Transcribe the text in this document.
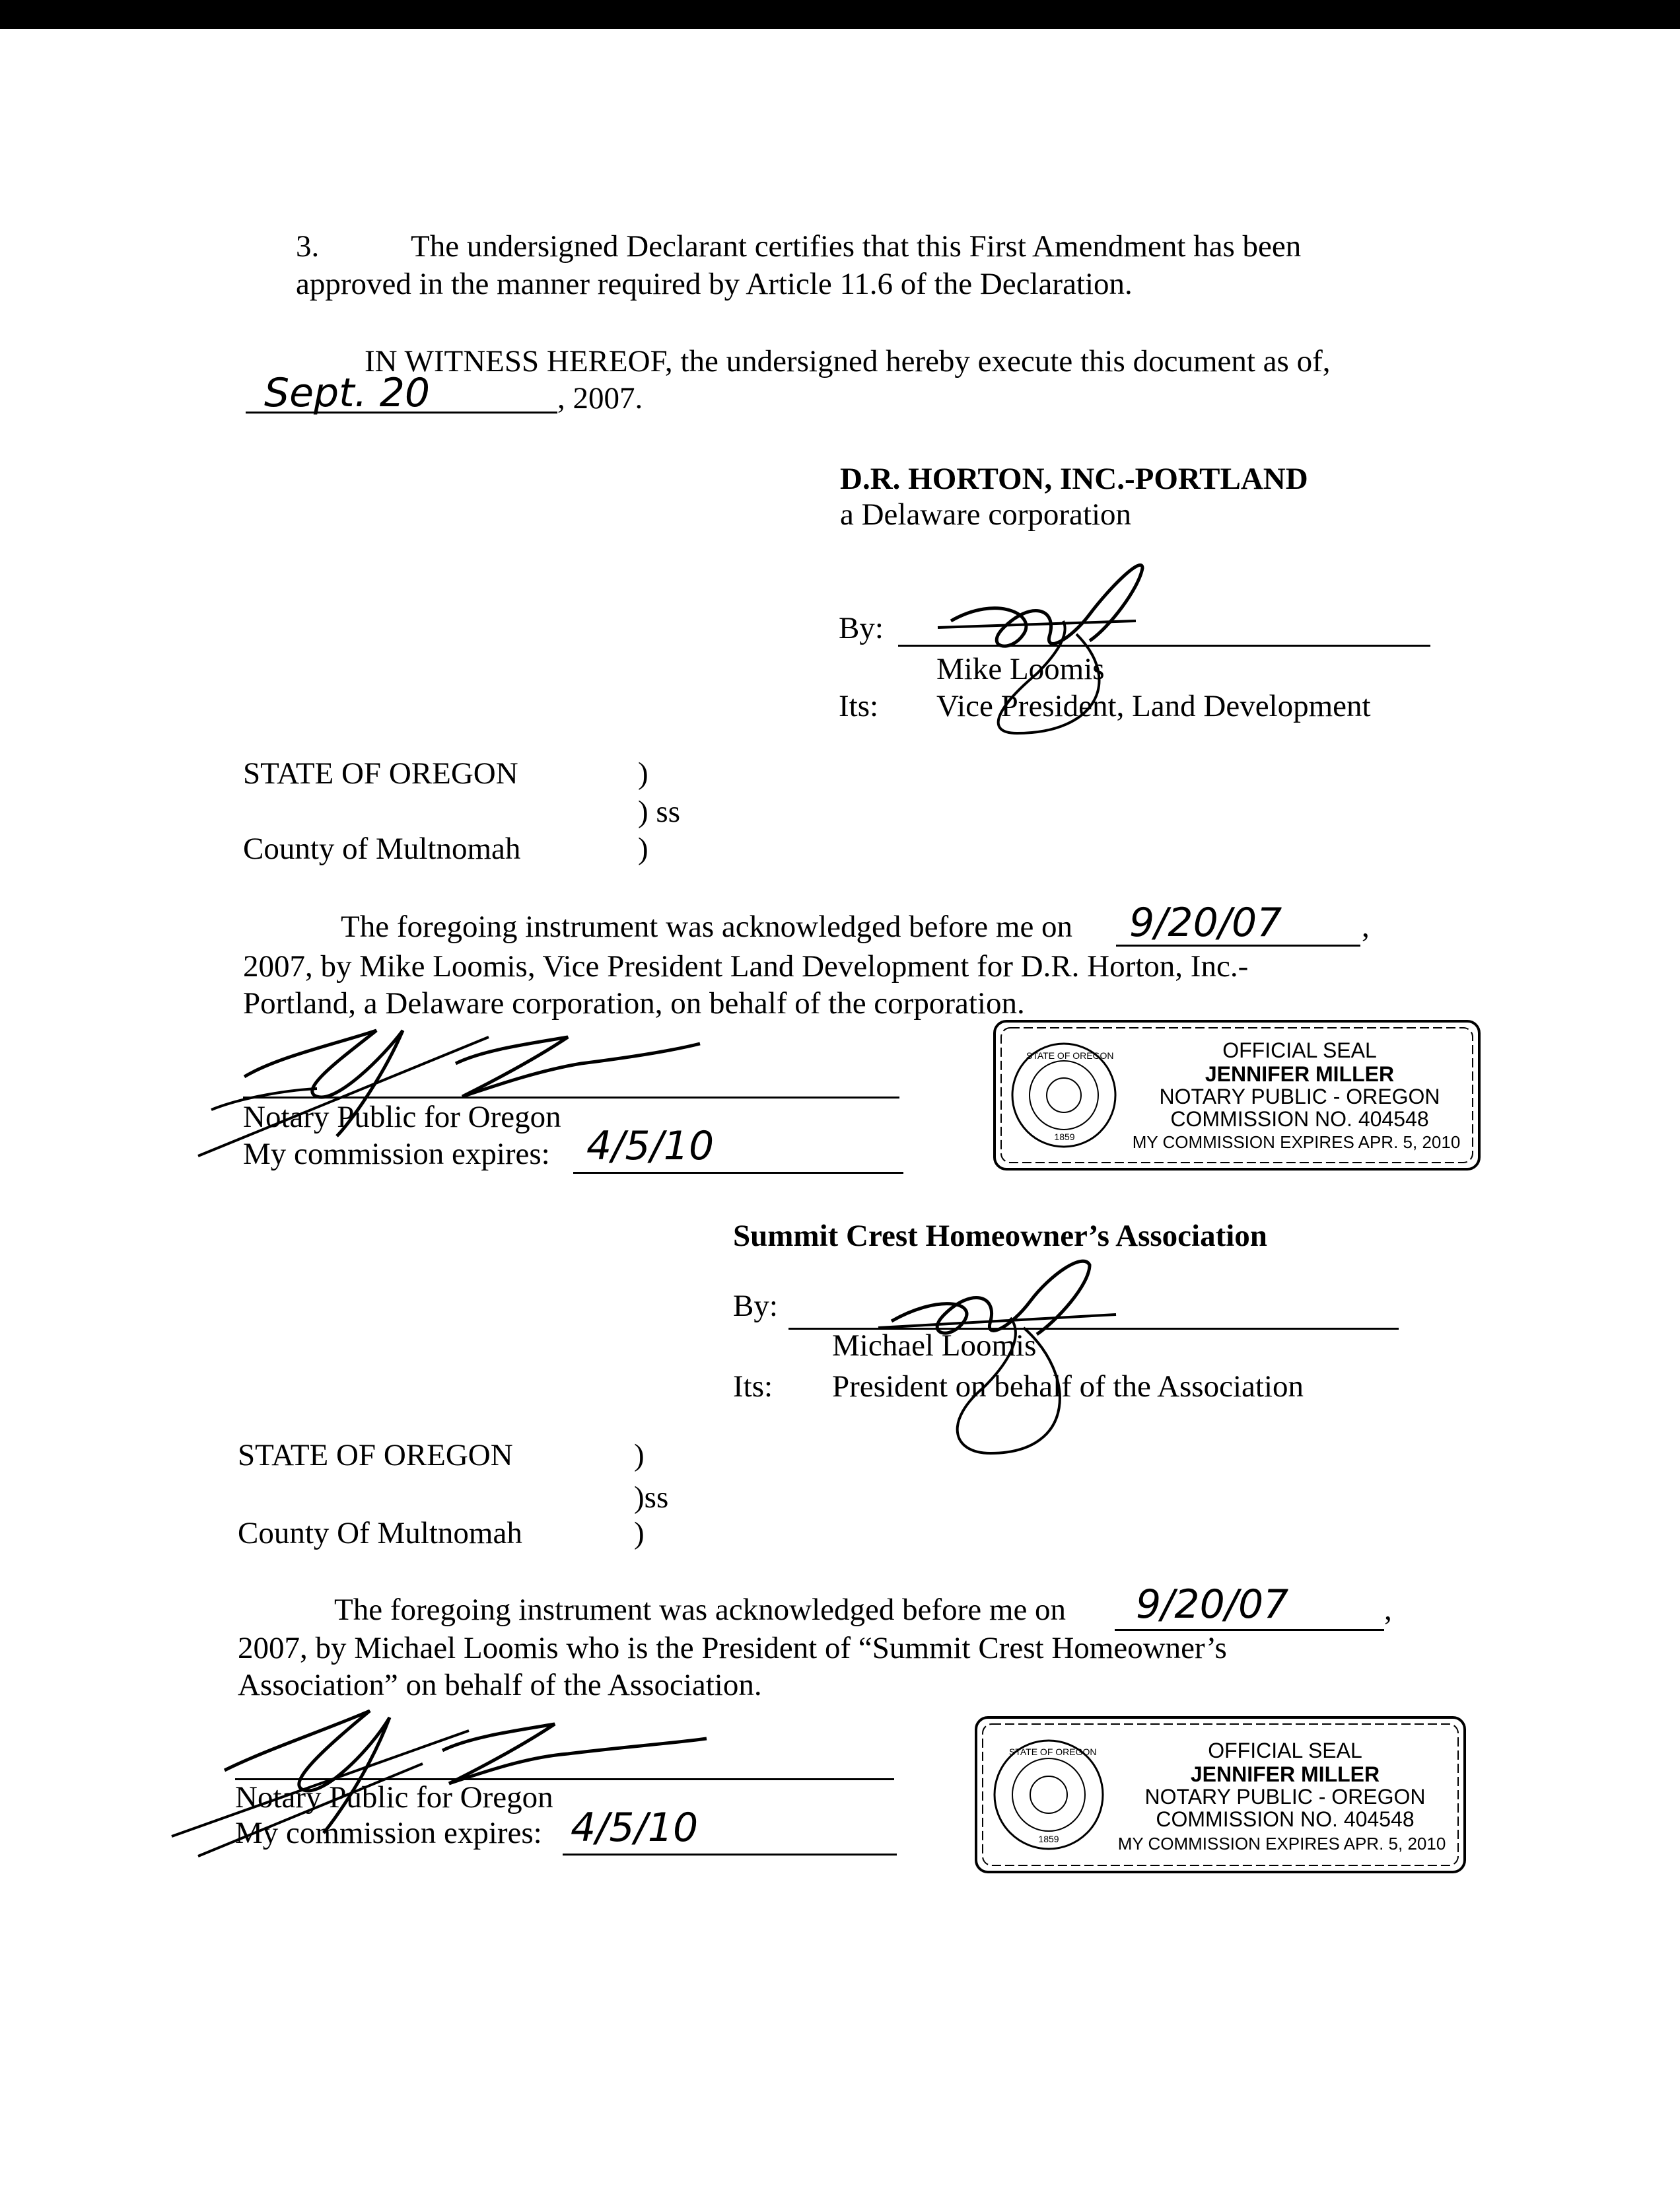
3.	The undersigned Declarant certifies that this First Amendment has been
approved in the manner required by Article 11.6 of the Declaration.
IN WITNESS HEREOF, the undersigned hereby execute this document as of,
Sept. 20	, 2007.
D.R. HORTON, INC.-PORTLAND
a Delaware corporation
By:
Mike Loomis
Its: Vice President, Land Development
STATE OF OREGON	)
) ss
County of Multnomah	)
The foregoing instrument was acknowledged before me on 9/20/07	,
2007, by Mike Loomis, Vice President Land Development for D.R. Horton, Inc.-
Portland, a Delaware corporation, on behalf of the corporation.
Notary Public for Oregon
My commission expires: 4/5/10
STATE OF OREGON
1859
OFFICIAL SEAL
JENNIFER MILLER
NOTARY PUBLIC - OREGON
COMMISSION NO. 404548
MY COMMISSION EXPIRES APR. 5, 2010
Summit Crest Homeowner’s Association
By:
Michael Loomis
Its: President on behalf of the Association
STATE OF OREGON	)
)ss
County Of Multnomah	)
The foregoing instrument was acknowledged before me on 9/20/07	,
2007, by Michael Loomis who is the President of “Summit Crest Homeowner’s
Association” on behalf of the Association.
Notary Public for Oregon
My commission expires: 4/5/10
STATE OF OREGON
1859
OFFICIAL SEAL
JENNIFER MILLER
NOTARY PUBLIC - OREGON
COMMISSION NO. 404548
MY COMMISSION EXPIRES APR. 5, 2010
